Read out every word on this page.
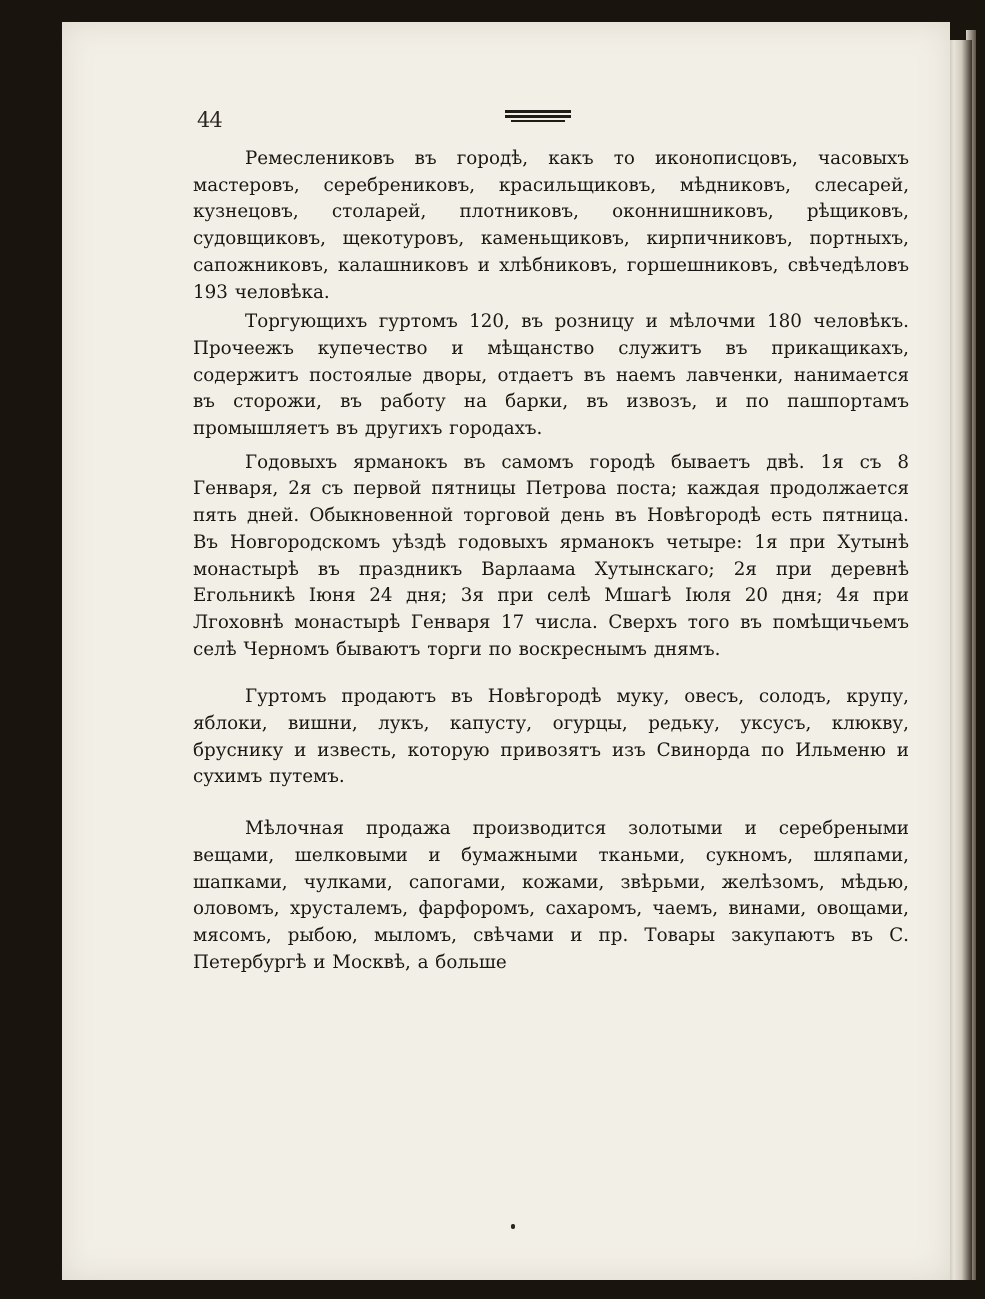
44

Ремеслениковъ въ городѣ, какъ то иконописцовъ, часовыхъ мастеровъ, серебрениковъ, красильщиковъ, мѣдниковъ, слесарей, кузнецовъ, столарей, плотниковъ, оконнишниковъ, рѣщиковъ, судовщиковъ, щекотуровъ, каменьщиковъ, кирпичниковъ, портныхъ, сапожниковъ, калашниковъ и хлѣбниковъ, горшешниковъ, свѣчедѣловъ 193 человѣка.

Торгующихъ гуртомъ 120, въ розницу и мѣлочми 180 человѣкъ. Прочеежъ купечество и мѣщанство служитъ въ прикащикахъ, содержитъ постоялые дворы, отдаетъ въ наемъ лавченки, нанимается въ сторожи, въ работу на барки, въ извозъ, и по пашпортамъ промышляетъ въ другихъ городахъ.

Годовыхъ ярманокъ въ самомъ городѣ бываетъ двѣ. 1я съ 8 Генваря, 2я съ первой пятницы Петрова поста; каждая продолжается пять дней. Обыкновенной торговой день въ Новѣгородѣ есть пятница. Въ Новгородскомъ уѣздѣ годовыхъ ярманокъ четыре: 1я при Хутынѣ монастырѣ въ праздникъ Варлаама Хутынскаго; 2я при деревнѣ Егольникѣ Іюня 24 дня; 3я при селѣ Мшагѣ Іюля 20 дня; 4я при Лгоховнѣ монастырѣ Генваря 17 числа. Сверхъ того въ помѣщичьемъ селѣ Черномъ бываютъ торги по воскреснымъ днямъ.

Гуртомъ продаютъ въ Новѣгородѣ муку, овесъ, солодъ, крупу, яблоки, вишни, лукъ, капусту, огурцы, редьку, уксусъ, клюкву, бруснику и известь, которую привозятъ изъ Свинорда по Ильменю и сухимъ путемъ.

Мѣлочная продажа производится золотыми и серебреными вещами, шелковыми и бумажными тканьми, сукномъ, шляпами, шапками, чулками, сапогами, кожами, звѣрьми, желѣзомъ, мѣдью, оловомъ, хрусталемъ, фарфоромъ, сахаромъ, чаемъ, винами, овощами, мясомъ, рыбою, мыломъ, свѣчами и пр. Товары закупаютъ въ С. Петербургѣ и Москвѣ, а больше
